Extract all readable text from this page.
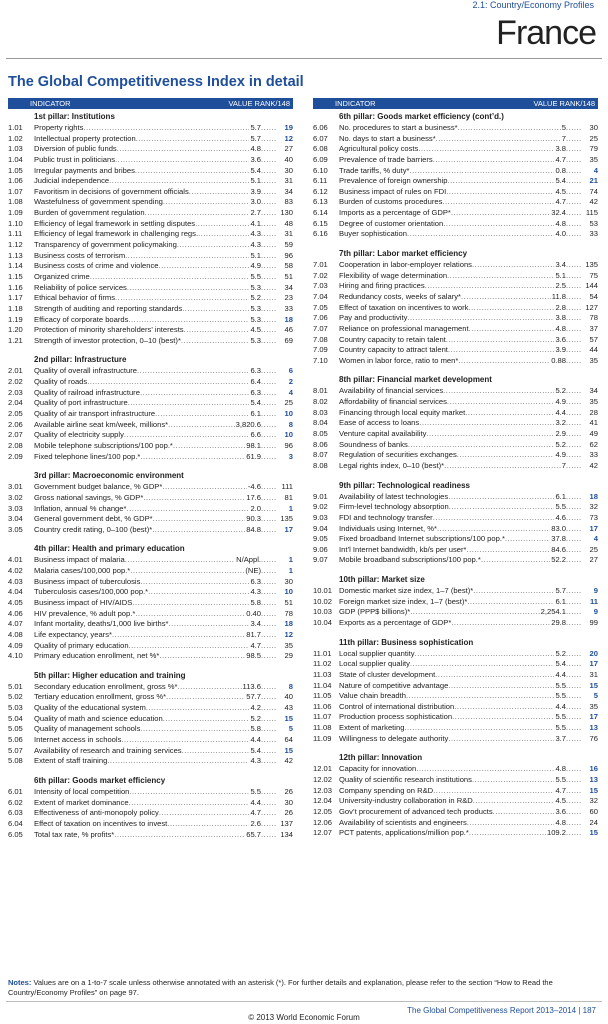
2.1: Country/Economy Profiles
France
The Global Competitiveness Index in detail
INDICATOR	VALUE RANK/148
1st pillar: Institutions
1.01	Property rights .....	5.7 .....	19
1.02	Intellectual property protection .....	5.7 .....	12
1.03	Diversion of public funds .....	4.8 .....	27
1.04	Public trust in politicians .....	3.6 .....	40
1.05	Irregular payments and bribes .....	5.4 .....	30
1.06	Judicial independence .....	5.1 .....	31
1.07	Favoritism in decisions of government officials .....	3.9 .....	34
1.08	Wastefulness of government spending .....	3.0 .....	83
1.09	Burden of government regulation .....	2.7 .....	130
1.10	Efficiency of legal framework in settling disputes .....	4.1 .....	48
1.11	Efficiency of legal framework in challenging regs. .....	4.3 .....	31
1.12	Transparency of government policymaking .....	4.3 .....	59
1.13	Business costs of terrorism .....	5.1 .....	96
1.14	Business costs of crime and violence .....	4.9 .....	58
1.15	Organized crime .....	5.5 .....	51
1.16	Reliability of police services .....	5.3 .....	34
1.17	Ethical behavior of firms .....	5.2 .....	23
1.18	Strength of auditing and reporting standards .....	5.3 .....	33
1.19	Efficacy of corporate boards .....	5.3 .....	18
1.20	Protection of minority shareholders' interests .....	4.5 .....	46
1.21	Strength of investor protection, 0–10 (best)* .....	5.3 .....	69
2nd pillar: Infrastructure
2.01	Quality of overall infrastructure .....	6.3 .....	6
2.02	Quality of roads .....	6.4 .....	2
2.03	Quality of railroad infrastructure .....	6.3 .....	4
2.04	Quality of port infrastructure .....	5.4 .....	25
2.05	Quality of air transport infrastructure .....	6.1 .....	10
2.06	Available airline seat km/week, millions* .....	3,820.6 .....	8
2.07	Quality of electricity supply .....	6.6 .....	10
2.08	Mobile telephone subscriptions/100 pop.* .....	98.1 .....	96
2.09	Fixed telephone lines/100 pop.* .....	61.9 .....	3
3rd pillar: Macroeconomic environment
3.01	Government budget balance, % GDP* .....	-4.6 .....	111
3.02	Gross national savings, % GDP* .....	17.6 .....	81
3.03	Inflation, annual % change* .....	2.0 .....	1
3.04	General government debt, % GDP* .....	90.3 .....	135
3.05	Country credit rating, 0–100 (best)* .....	84.8 .....	17
4th pillar: Health and primary education
4.01	Business impact of malaria .....	N/Appl. .....	1
4.02	Malaria cases/100,000 pop.* .....	(NE) .....	1
4.03	Business impact of tuberculosis .....	6.3 .....	30
4.04	Tuberculosis cases/100,000 pop.* .....	4.3 .....	10
4.05	Business impact of HIV/AIDS .....	5.8 .....	51
4.06	HIV prevalence, % adult pop.* .....	0.40 .....	78
4.07	Infant mortality, deaths/1,000 live births* .....	3.4 .....	18
4.08	Life expectancy, years* .....	81.7 .....	12
4.09	Quality of primary education .....	4.7 .....	35
4.10	Primary education enrollment, net %* .....	98.5 .....	29
5th pillar: Higher education and training
5.01	Secondary education enrollment, gross %* .....	113.6 .....	8
5.02	Tertiary education enrollment, gross %* .....	57.7 .....	40
5.03	Quality of the educational system .....	4.2 .....	43
5.04	Quality of math and science education .....	5.2 .....	15
5.05	Quality of management schools .....	5.8 .....	5
5.06	Internet access in schools .....	4.4 .....	64
5.07	Availability of research and training services .....	5.4 .....	15
5.08	Extent of staff training .....	4.3 .....	42
6th pillar: Goods market efficiency
6.01	Intensity of local competition .....	5.5 .....	26
6.02	Extent of market dominance .....	4.4 .....	30
6.03	Effectiveness of anti-monopoly policy .....	4.7 .....	26
6.04	Effect of taxation on incentives to invest .....	2.6 .....	137
6.05	Total tax rate, % profits* .....	65.7 .....	134
INDICATOR	VALUE RANK/148
6th pillar: Goods market efficiency (cont’d.)
6.06	No. procedures to start a business* .....	5 .....	30
6.07	No. days to start a business* .....	7 .....	25
6.08	Agricultural policy costs .....	3.8 .....	79
6.09	Prevalence of trade barriers .....	4.7 .....	35
6.10	Trade tariffs, % duty* .....	0.8 .....	4
6.11	Prevalence of foreign ownership .....	5.4 .....	21
6.12	Business impact of rules on FDI .....	4.5 .....	74
6.13	Burden of customs procedures .....	4.7 .....	42
6.14	Imports as a percentage of GDP* .....	32.4 .....	115
6.15	Degree of customer orientation .....	4.8 .....	53
6.16	Buyer sophistication .....	4.0 .....	33
7th pillar: Labor market efficiency
7.01	Cooperation in labor-employer relations .....	3.4 .....	135
7.02	Flexibility of wage determination .....	5.1 .....	75
7.03	Hiring and firing practices .....	2.5 .....	144
7.04	Redundancy costs, weeks of salary* .....	11.8 .....	54
7.05	Effect of taxation on incentives to work .....	2.8 .....	127
7.06	Pay and productivity .....	3.8 .....	78
7.07	Reliance on professional management .....	4.8 .....	37
7.08	Country capacity to retain talent .....	3.6 .....	57
7.09	Country capacity to attract talent .....	3.9 .....	44
7.10	Women in labor force, ratio to men* .....	0.88 .....	35
8th pillar: Financial market development
8.01	Availability of financial services .....	5.2 .....	34
8.02	Affordability of financial services .....	4.9 .....	35
8.03	Financing through local equity market .....	4.4 .....	28
8.04	Ease of access to loans .....	3.2 .....	41
8.05	Venture capital availability .....	2.9 .....	49
8.06	Soundness of banks .....	5.2 .....	62
8.07	Regulation of securities exchanges .....	4.9 .....	33
8.08	Legal rights index, 0–10 (best)* .....	7 .....	42
9th pillar: Technological readiness
9.01	Availability of latest technologies .....	6.1 .....	18
9.02	Firm-level technology absorption .....	5.5 .....	32
9.03	FDI and technology transfer .....	4.6 .....	73
9.04	Individuals using Internet, %* .....	83.0 .....	17
9.05	Fixed broadband Internet subscriptions/100 pop.* .....	37.8 .....	4
9.06	Int’l Internet bandwidth, kb/s per user* .....	84.6 .....	25
9.07	Mobile broadband subscriptions/100 pop.* .....	52.2 .....	27
10th pillar: Market size
10.01 Domestic market size index, 1–7 (best)* .....	5.7 .....	9
10.02 Foreign market size index, 1–7 (best)* .....	6.1 .....	11
10.03 GDP (PPP$ billions)* .....	2,254.1 .....	9
10.04 Exports as a percentage of GDP* .....	29.8 .....	99
11th pillar: Business sophistication
11.01 Local supplier quantity .....	5.2 .....	20
11.02 Local supplier quality .....	5.4 .....	17
11.03 State of cluster development .....	4.4 .....	31
11.04 Nature of competitive advantage .....	5.5 .....	15
11.05 Value chain breadth .....	5.5 .....	5
11.06 Control of international distribution .....	4.4 .....	35
11.07 Production process sophistication .....	5.5 .....	17
11.08 Extent of marketing .....	5.5 .....	13
11.09 Willingness to delegate authority .....	3.7 .....	76
12th pillar: Innovation
12.01 Capacity for innovation .....	4.8 .....	16
12.02 Quality of scientific research institutions .....	5.5 .....	13
12.03 Company spending on R&D .....	4.7 .....	15
12.04 University-industry collaboration in R&D .....	4.5 .....	32
12.05 Gov’t procurement of advanced tech products .....	3.6 .....	60
12.06 Availability of scientists and engineers .....	4.8 .....	24
12.07 PCT patents, applications/million pop.* .....	109.2 .....	15
Notes: Values are on a 1-to-7 scale unless otherwise annotated with an asterisk (*). For further details and explanation, please refer to the section “How to Read the Country/Economy Profiles” on page 97.
The Global Competitiveness Report 2013–2014 | 187
© 2013 World Economic Forum
